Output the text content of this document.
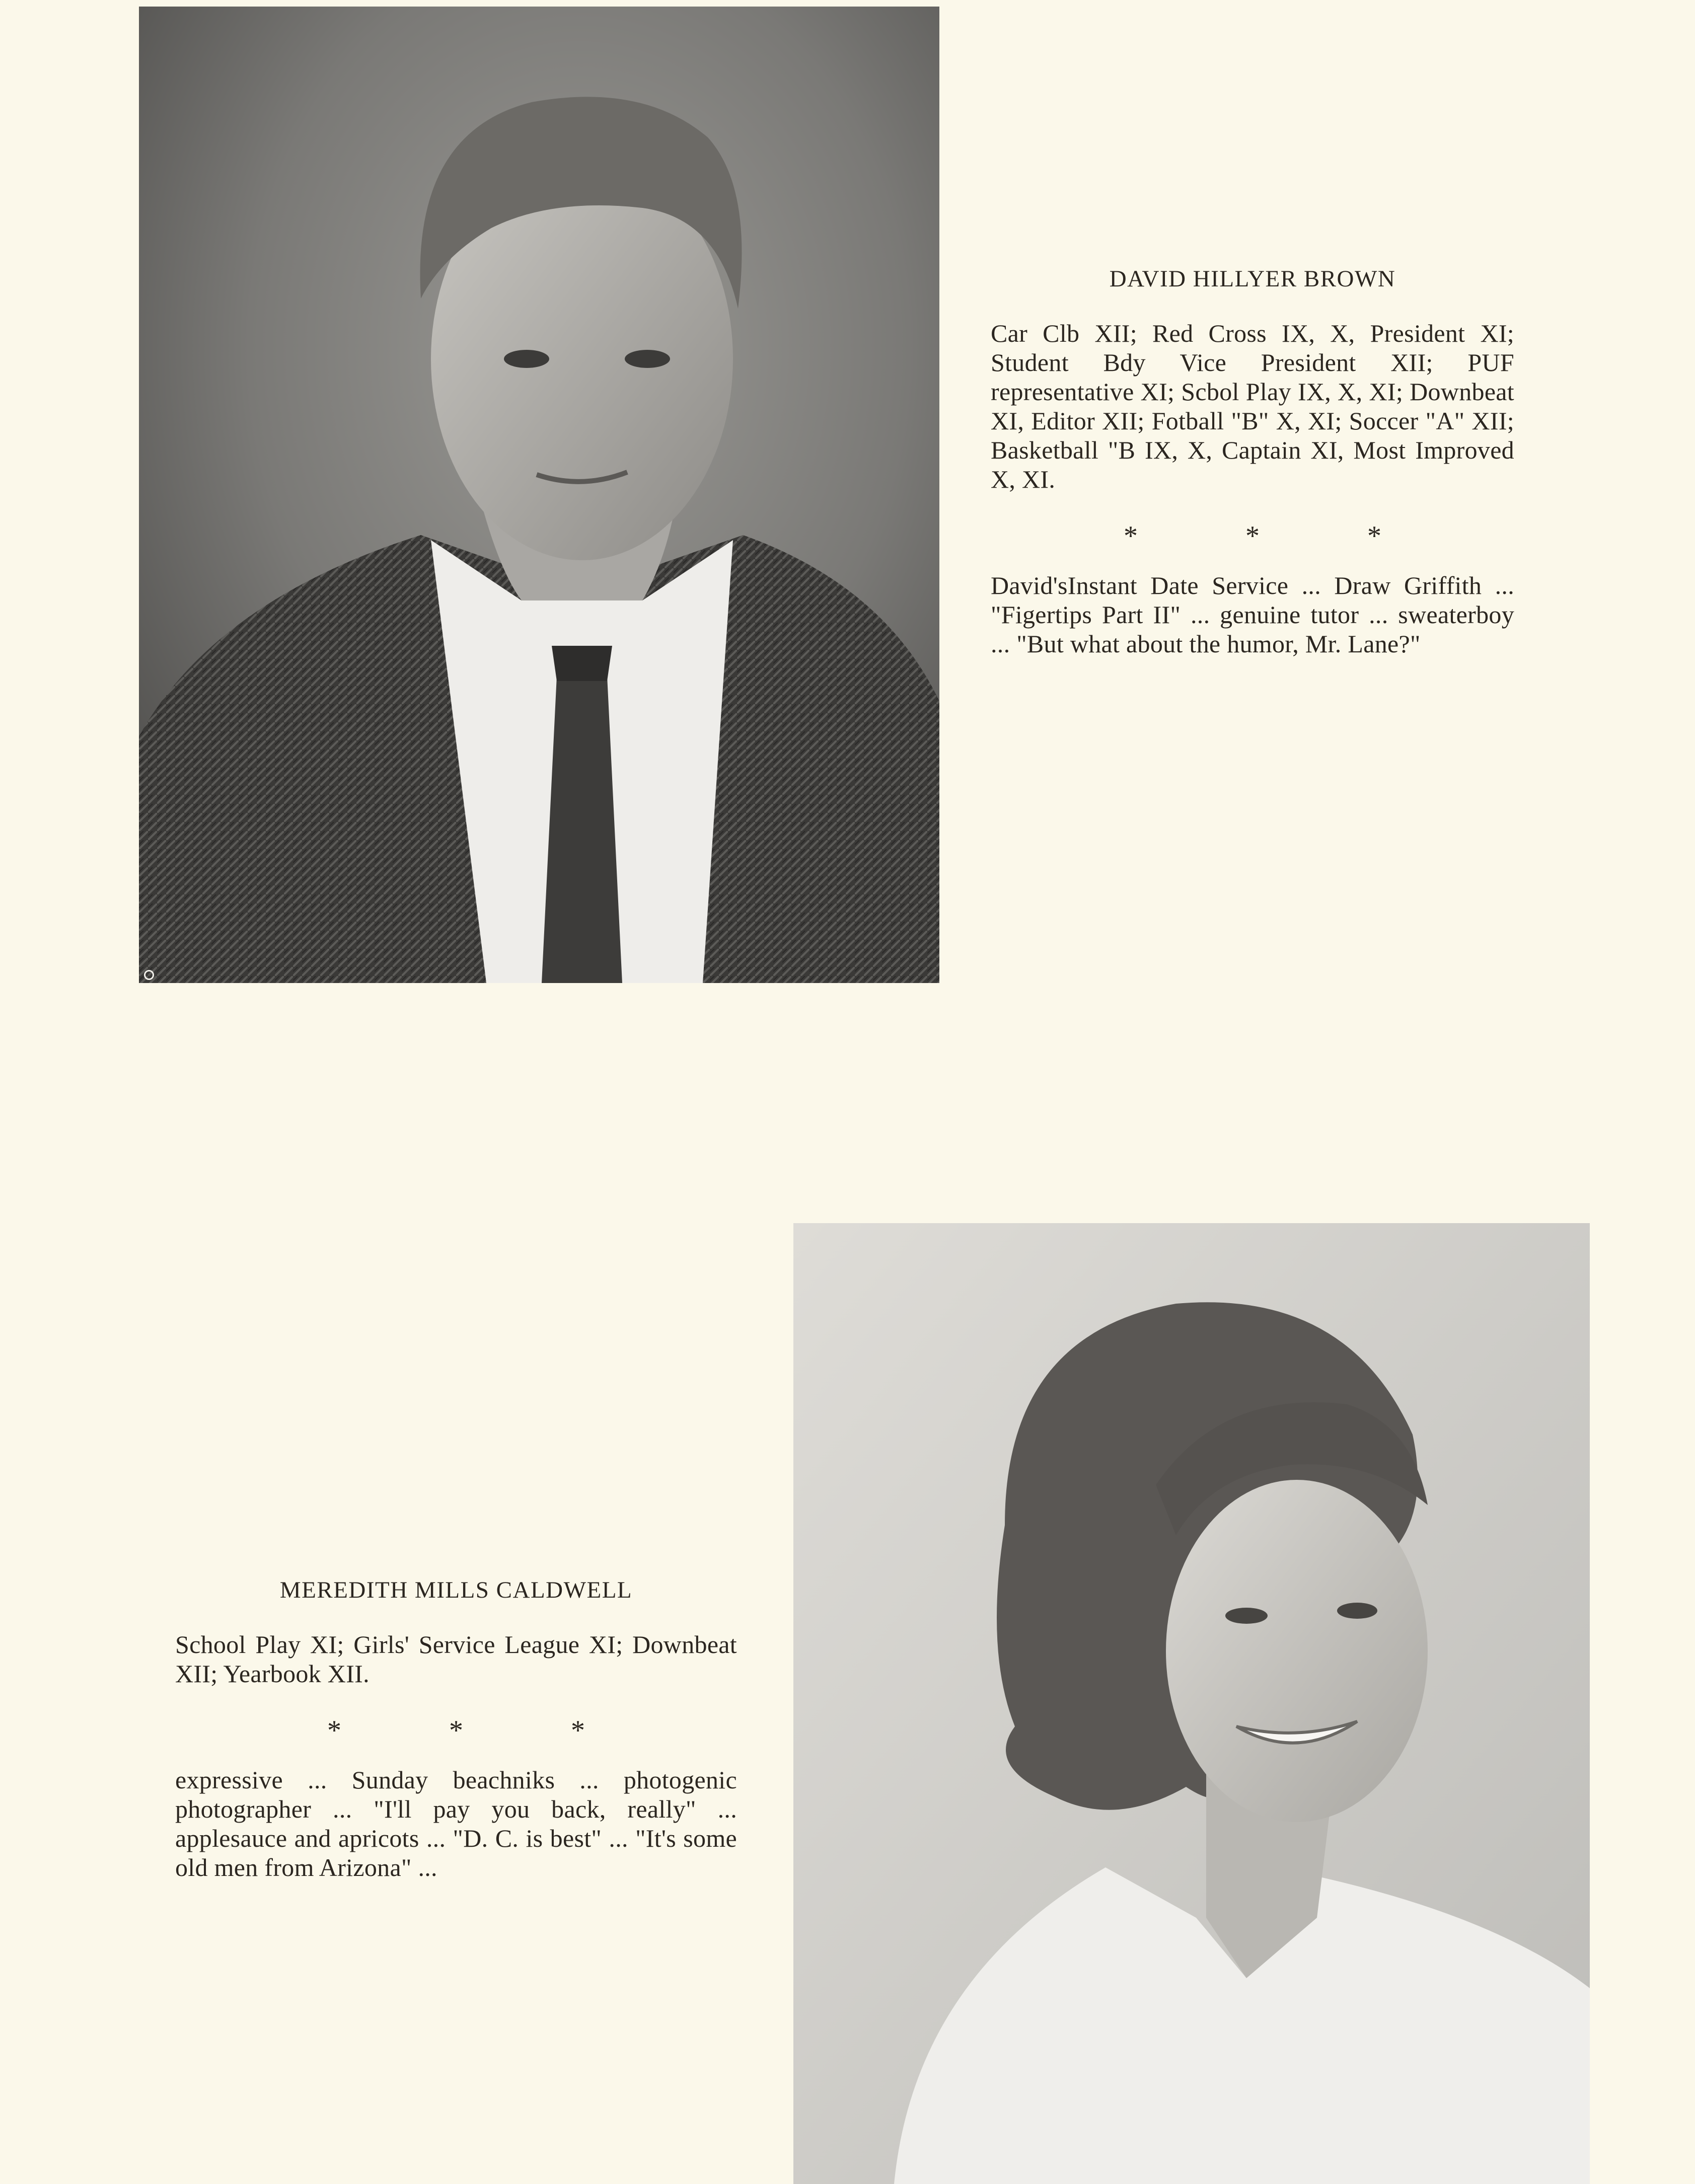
DAVID HILLYER BROWN

Car Clb XII; Red Cross IX, X, President XI; Student Bdy Vice President XII; PUF representative XI; Scbol Play IX, X, XI; Downbeat XI, Editor XII; Fotball "B" X, XI; Soccer "A" XII; Basketball "B IX, X, Captain XI, Most Improved X, XI.

* * *

David'sInstant Date Service ... Draw Griffith ... "Figertips Part II" ... genuine tutor ... sweaterboy ... "But what about the humor, Mr. Lane?"

MEREDITH MILLS CALDWELL

School Play XI; Girls' Service League XI; Downbeat XII; Yearbook XII.

* * *

expressive ... Sunday beachniks ... photogenic photographer ... "I'll pay you back, really" ... applesauce and apricots ... "D. C. is best" ... "It's some old men from Arizona" ...
